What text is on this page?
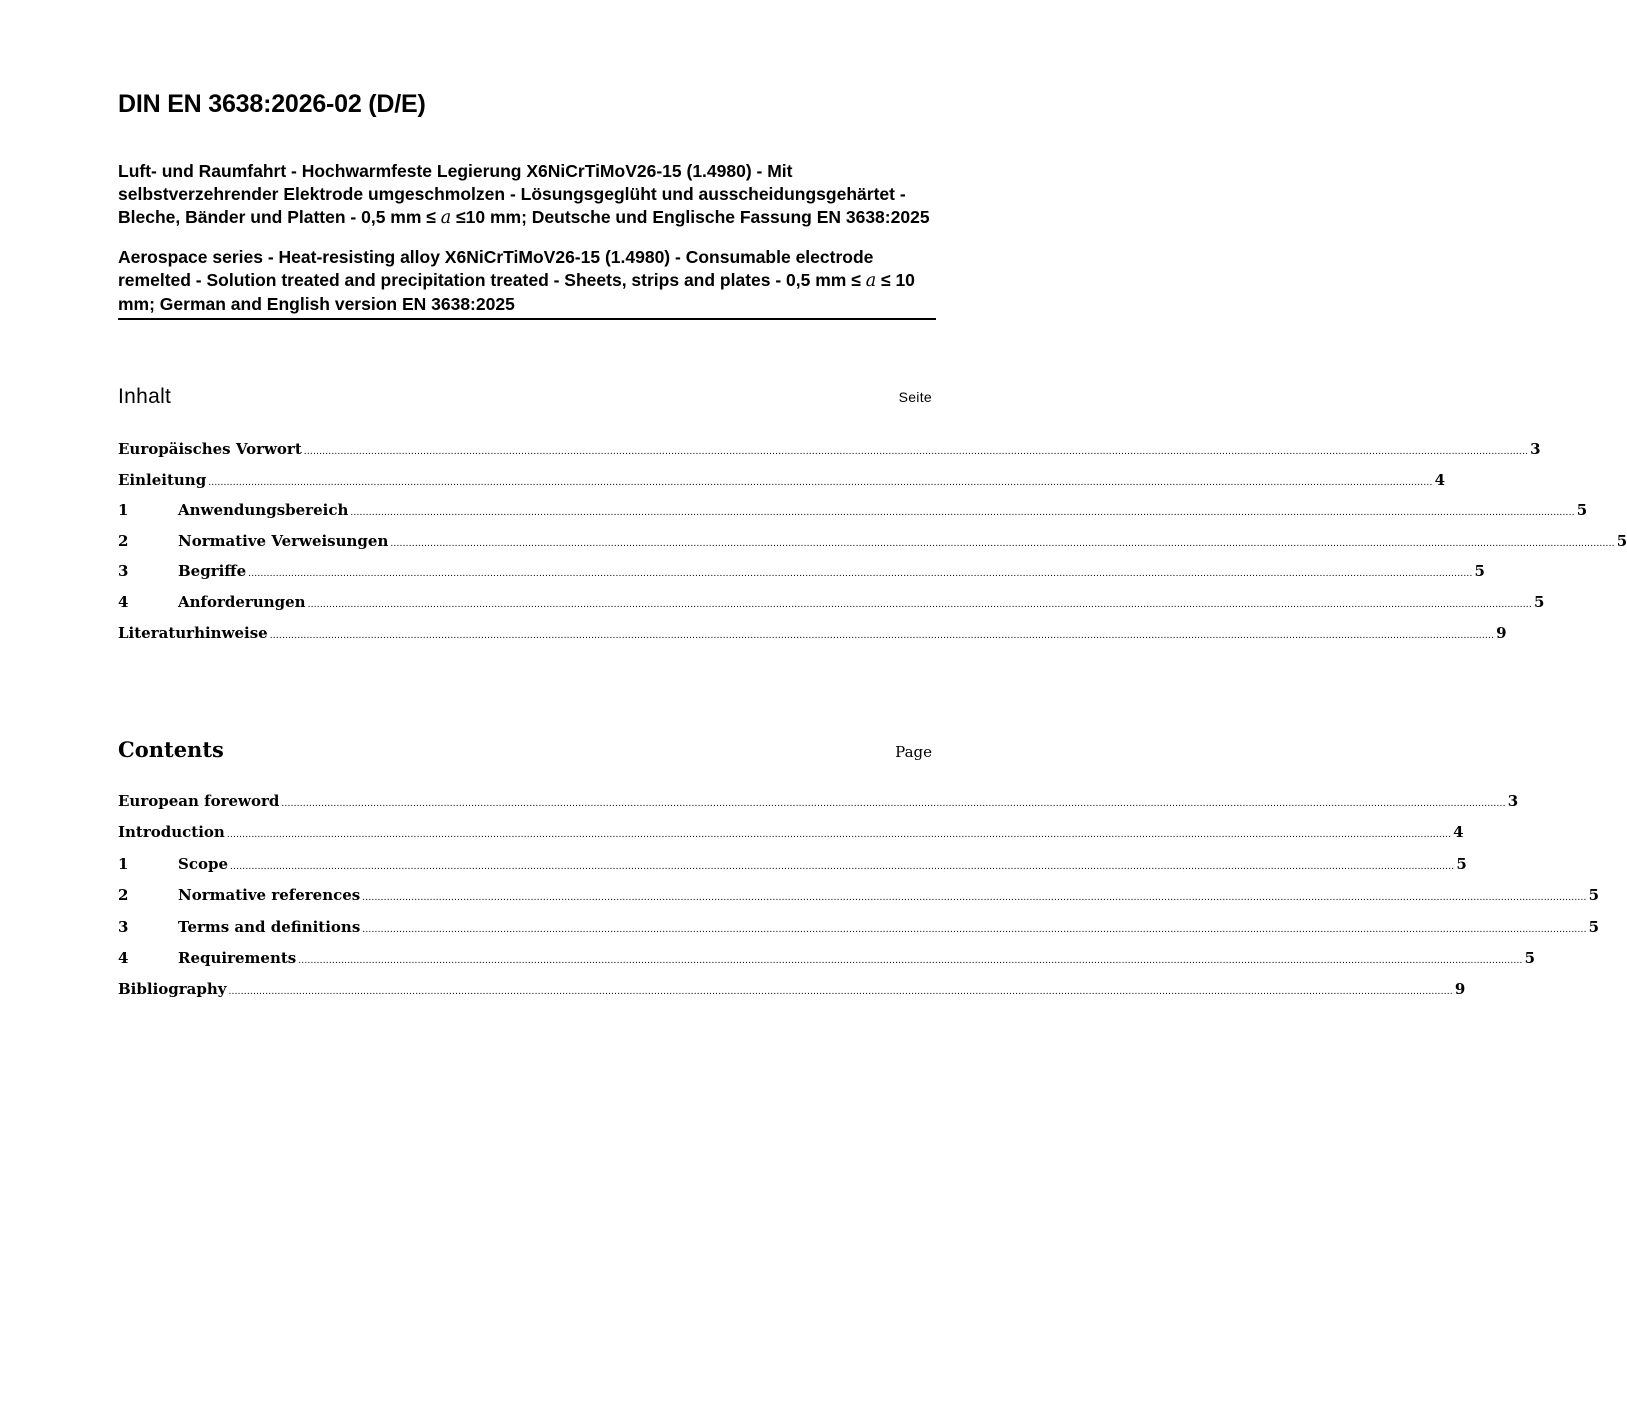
DIN EN 3638:2026-02 (D/E)

Luft- und Raumfahrt - Hochwarmfeste Legierung X6NiCrTiMoV26-15 (1.4980) - Mit selbstverzehrender Elektrode umgeschmolzen - Lösungsgeglüht und ausscheidungsgehärtet - Bleche, Bänder und Platten - 0,5 mm ≤ a ≤10 mm; Deutsche und Englische Fassung EN 3638:2025

Aerospace series - Heat-resisting alloy X6NiCrTiMoV26-15 (1.4980) - Consumable electrode remelted - Solution treated and precipitation treated - Sheets, strips and plates - 0,5 mm ≤ a ≤ 10 mm; German and English version EN 3638:2025

Inhalt	Seite
Europäisches Vorwort ................................................................................................................................................................................................................................................................................................................................................................................................................ 3
Einleitung ................................................................................................................................................................................................................................................................................................................................................................................................................ 4
1	Anwendungsbereich ................................................................................................................................................................................................................................................................................................................................................................................................................ 5
2	Normative Verweisungen ................................................................................................................................................................................................................................................................................................................................................................................................................ 5
3	Begriffe ................................................................................................................................................................................................................................................................................................................................................................................................................ 5
4	Anforderungen ................................................................................................................................................................................................................................................................................................................................................................................................................ 5
Literaturhinweise ................................................................................................................................................................................................................................................................................................................................................................................................................ 9
Contents	Page
European foreword ................................................................................................................................................................................................................................................................................................................................................................................................................ 3
Introduction ................................................................................................................................................................................................................................................................................................................................................................................................................ 4
1	Scope ................................................................................................................................................................................................................................................................................................................................................................................................................ 5
2	Normative references ................................................................................................................................................................................................................................................................................................................................................................................................................ 5
3	Terms and definitions ................................................................................................................................................................................................................................................................................................................................................................................................................ 5
4	Requirements ................................................................................................................................................................................................................................................................................................................................................................................................................ 5
Bibliography ................................................................................................................................................................................................................................................................................................................................................................................................................ 9
